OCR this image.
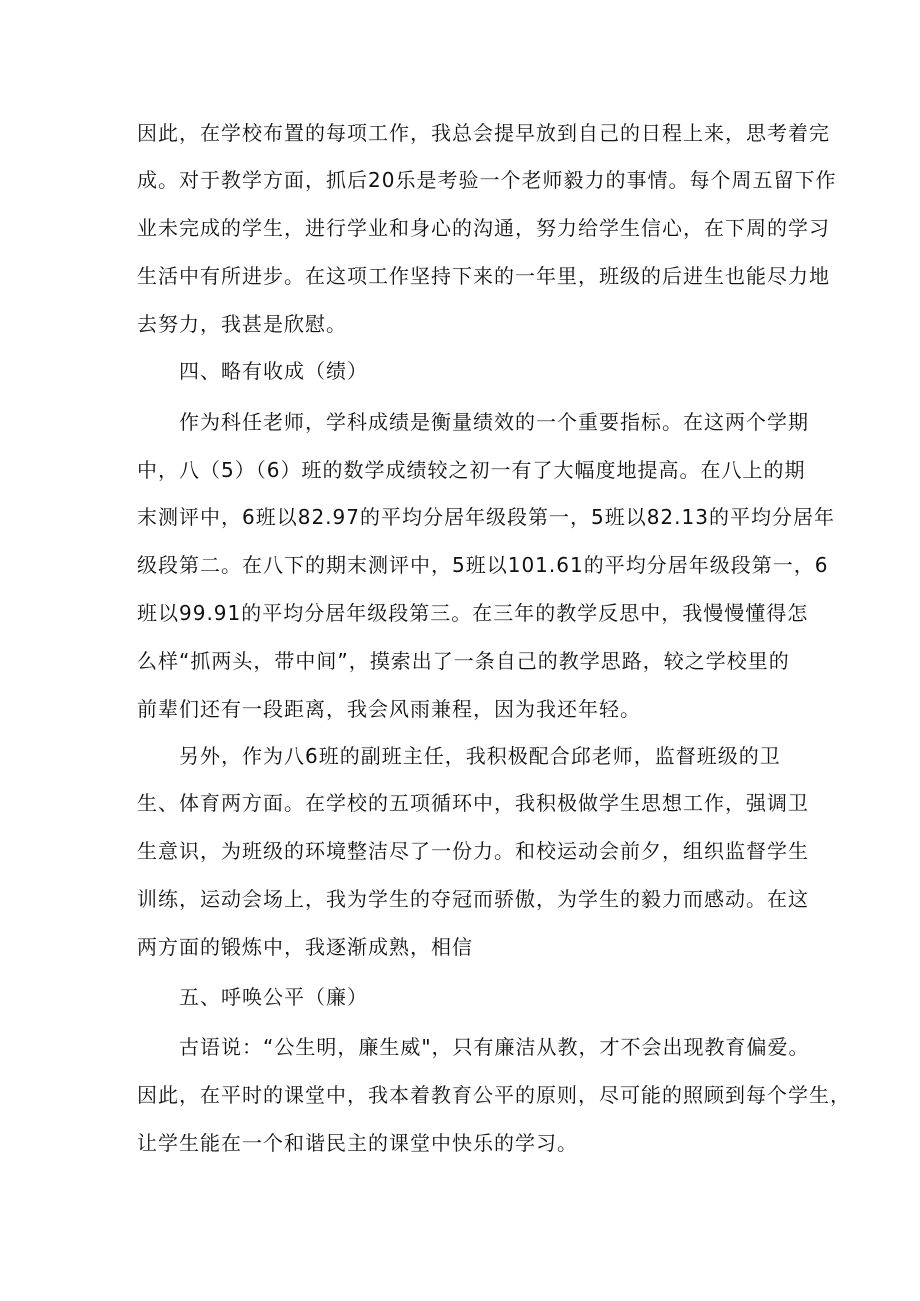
因此，在学校布置的每项工作，我总会提早放到自己的日程上来，思考着完
成。对于教学方面，抓后20乐是考验一个老师毅力的事情。每个周五留下作
业未完成的学生，进行学业和身心的沟通，努力给学生信心，在下周的学习
生活中有所进步。在这项工作坚持下来的一年里，班级的后进生也能尽力地
去努力，我甚是欣慰。
四、略有收成（绩）
作为科任老师，学科成绩是衡量绩效的一个重要指标。在这两个学期
中，八（5）（6）班的数学成绩较之初一有了大幅度地提高。在八上的期
末测评中，6班以82.97的平均分居年级段第一，5班以82.13的平均分居年
级段第二。在八下的期末测评中，5班以101.61的平均分居年级段第一，6
班以99.91的平均分居年级段第三。在三年的教学反思中，我慢慢懂得怎
么样“抓两头，带中间”，摸索出了一条自己的教学思路，较之学校里的
前辈们还有一段距离，我会风雨兼程，因为我还年轻。
另外，作为八6班的副班主任，我积极配合邱老师，监督班级的卫
生、体育两方面。在学校的五项循环中，我积极做学生思想工作，强调卫
生意识，为班级的环境整洁尽了一份力。和校运动会前夕，组织监督学生
训练，运动会场上，我为学生的夺冠而骄傲，为学生的毅力而感动。在这
两方面的锻炼中，我逐渐成熟，相信
五、呼唤公平（廉）
古语说：“公生明，廉生威"，只有廉洁从教，才不会出现教育偏爱。
因此，在平时的课堂中，我本着教育公平的原则，尽可能的照顾到每个学生，
让学生能在一个和谐民主的课堂中快乐的学习。
